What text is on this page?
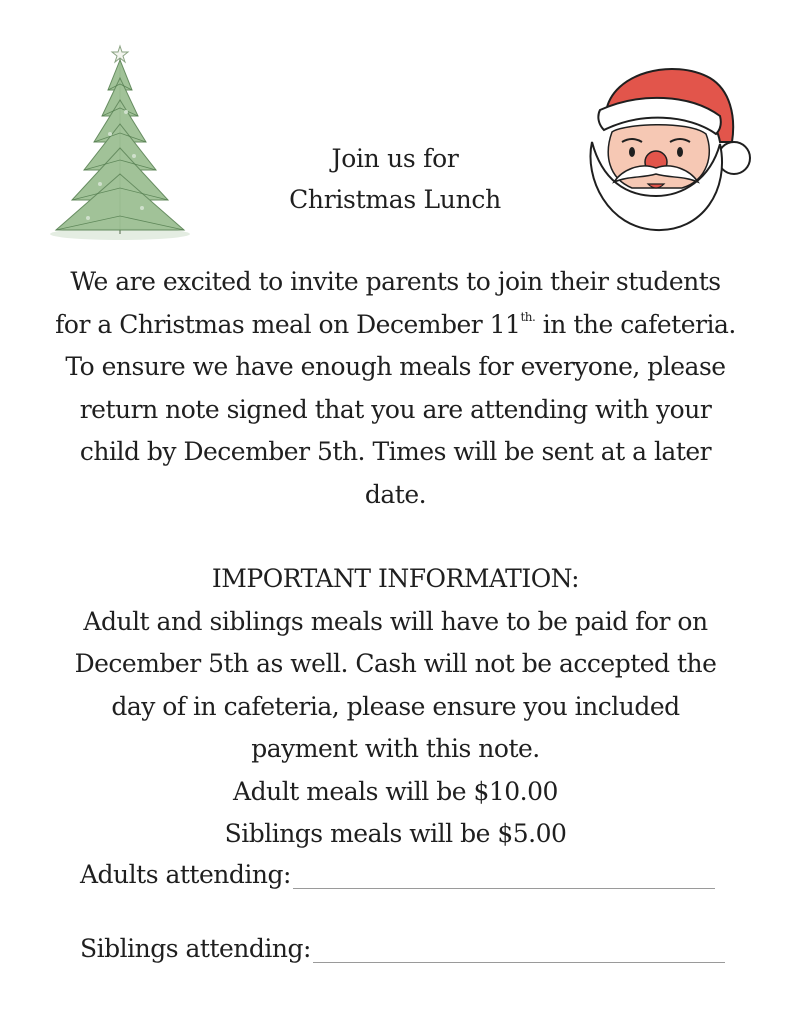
Join us for
Christmas Lunch
We are excited to invite parents to join their students
for a Christmas meal on December $11^{th.}$ in the cafeteria.
To ensure we have enough meals for everyone, please
return note signed that you are attending with your
child by December 5th. Times will be sent at a later
date.
IMPORTANT INFORMATION:
Adult and siblings meals will have to be paid for on
December 5th as well. Cash will not be accepted the
day of in cafeteria, please ensure you included
payment with this note.
Adult meals will be $10.00
Siblings meals will be $5.00
Adults attending:
Siblings attending:
